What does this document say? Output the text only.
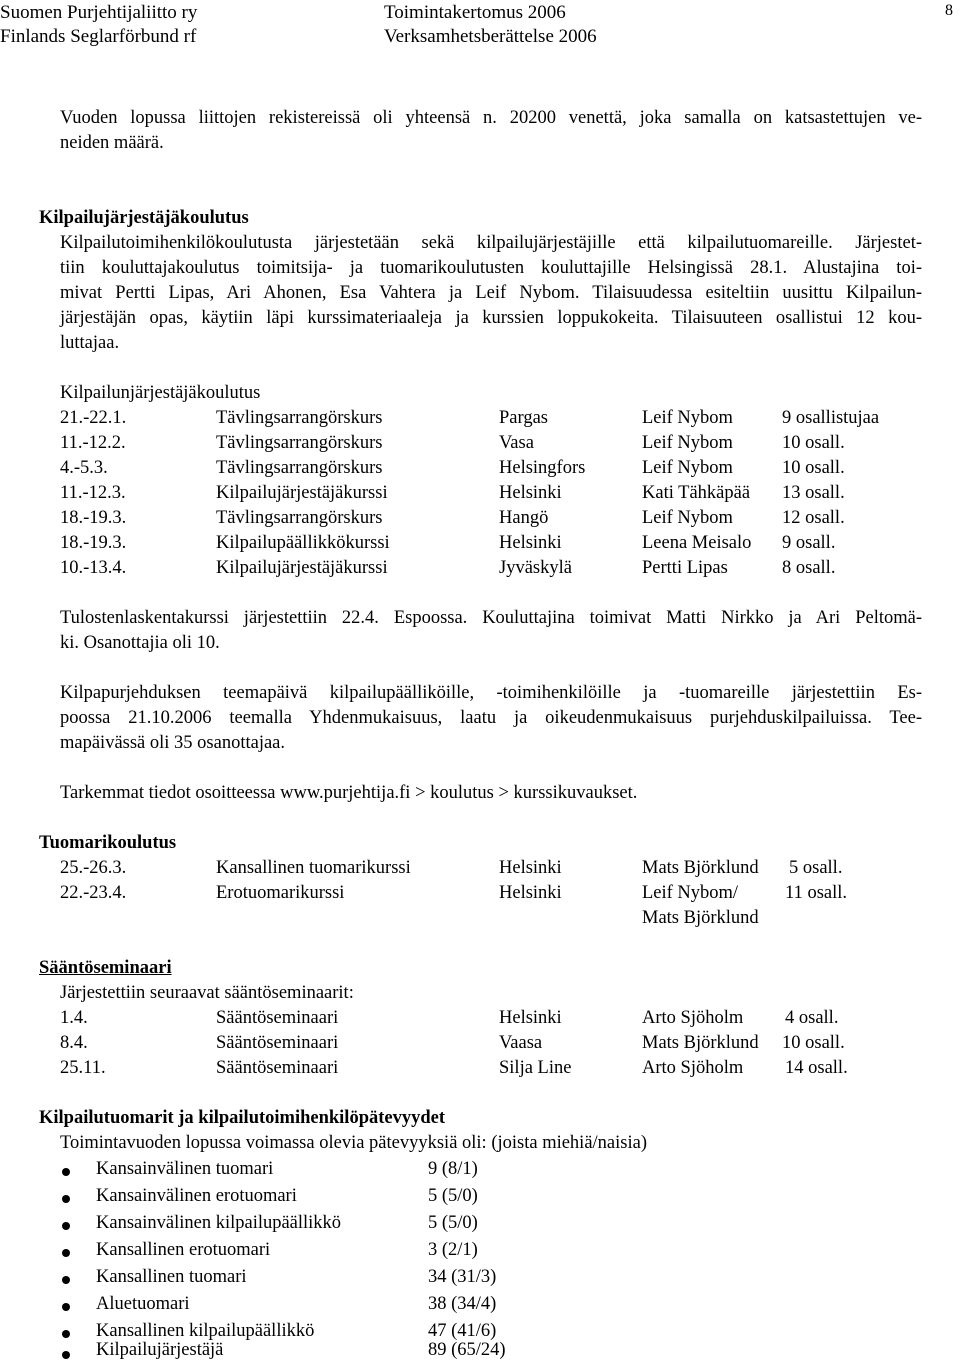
Suomen Purjehtijaliitto ry
Finlands Seglarförbund rf
Toimintakertomus 2006
Verksamhetsberättelse 2006
8
Vuoden lopussa liittojen rekistereissä oli yhteensä n. 20200 venettä, joka samalla on katsastettujen ve-
neiden määrä.
Kilpailujärjestäjäkoulutus
Kilpailutoimihenkilökoulutusta järjestetään sekä kilpailujärjestäjille että kilpailutuomareille. Järjestet-
tiin kouluttajakoulutus toimitsija- ja tuomarikoulutusten kouluttajille Helsingissä 28.1. Alustajina toi-
mivat Pertti Lipas, Ari Ahonen, Esa Vahtera ja Leif Nybom. Tilaisuudessa esiteltiin uusittu Kilpailun-
järjestäjän opas, käytiin läpi kurssimateriaaleja ja kurssien loppukokeita. Tilaisuuteen osallistui 12 kou-
luttajaa.
Kilpailunjärjestäjäkoulutus
21.-22.1.	Tävlingsarrangörskurs	Pargas	Leif Nybom	9 osallistujaa
11.-12.2.	Tävlingsarrangörskurs	Vasa	Leif Nybom	10 osall.
4.-5.3.	Tävlingsarrangörskurs	Helsingfors	Leif Nybom	10 osall.
11.-12.3.	Kilpailujärjestäjäkurssi	Helsinki	Kati Tähkäpää 13 osall.
18.-19.3.	Tävlingsarrangörskurs	Hangö	Leif Nybom	12 osall.
18.-19.3.	Kilpailupäällikkökurssi	Helsinki	Leena Meisalo 9 osall.
10.-13.4.	Kilpailujärjestäjäkurssi	Jyväskylä	Pertti Lipas	8 osall.
Tulostenlaskentakurssi järjestettiin 22.4. Espoossa. Kouluttajina toimivat Matti Nirkko ja Ari Peltomä-
ki. Osanottajia oli 10.
Kilpapurjehduksen teemapäivä kilpailupäälliköille, -toimihenkilöille ja -tuomareille järjestettiin Es-
poossa 21.10.2006 teemalla Yhdenmukaisuus, laatu ja oikeudenmukaisuus purjehduskilpailuissa. Tee-
mapäivässä oli 35 osanottajaa.
Tarkemmat tiedot osoitteessa www.purjehtija.fi > koulutus > kurssikuvaukset.
Tuomarikoulutus
25.-26.3.	Kansallinen tuomarikurssi	Helsinki	Mats Björklund 5 osall.
22.-23.4.	Erotuomarikurssi	Helsinki	Leif Nybom/	11 osall.
Mats Björklund
Sääntöseminaari
Järjestettiin seuraavat sääntöseminaarit:
1.4.	Sääntöseminaari	Helsinki	Arto Sjöholm 4 osall.
8.4.	Sääntöseminaari	Vaasa	Mats Björklund 10 osall.
25.11.	Sääntöseminaari	Silja Line	Arto Sjöholm 14 osall.
Kilpailutuomarit ja kilpailutoimihenkilöpätevyydet
Toimintavuoden lopussa voimassa olevia pätevyyksiä oli: (joista miehiä/naisia)
Kansainvälinen tuomari	9 (8/1)
Kansainvälinen erotuomari	5 (5/0)
Kansainvälinen kilpailupäällikkö	5 (5/0)
Kansallinen erotuomari	3 (2/1)
Kansallinen tuomari	34 (31/3)
Aluetuomari	38 (34/4)
Kansallinen kilpailupäällikkö	47 (41/6)
Kilpailujärjestäjä	89 (65/24)
